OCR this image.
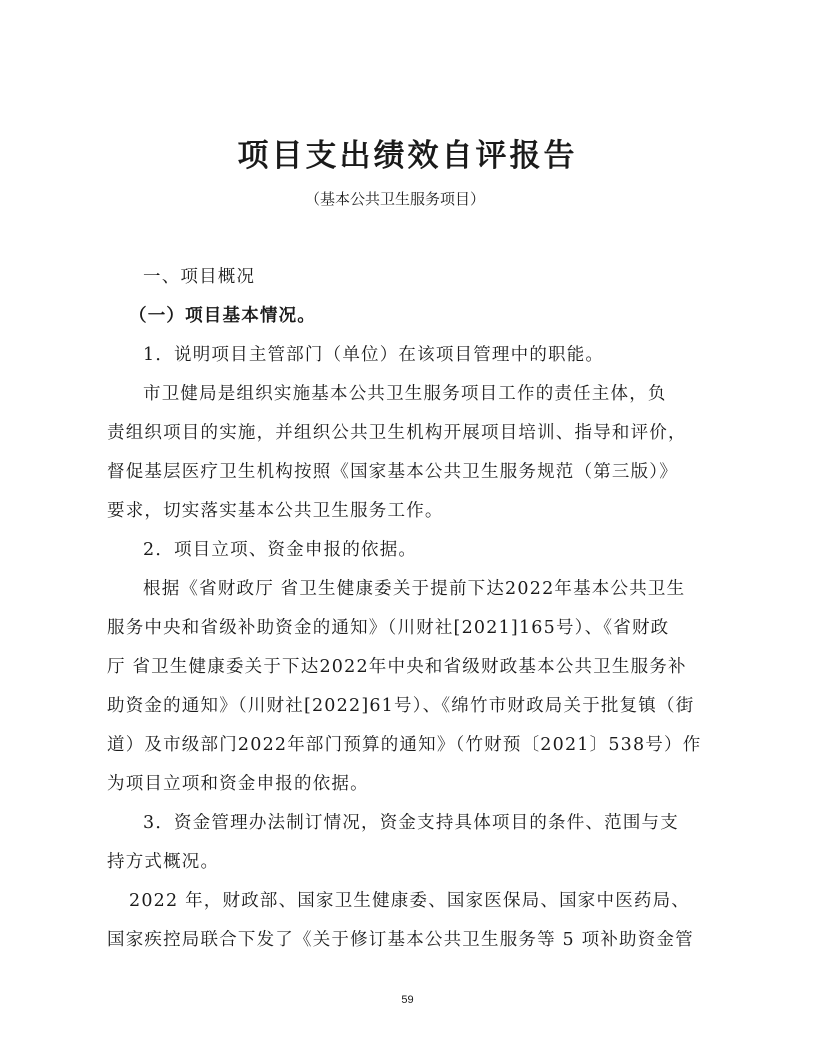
项目支出绩效自评报告
（基本公共卫生服务项目）
一、项目概况
（一）项目基本情况。
1．说明项目主管部门（单位）在该项目管理中的职能。
市卫健局是组织实施基本公共卫生服务项目工作的责任主体，负
责组织项目的实施，并组织公共卫生机构开展项目培训、指导和评价，
督促基层医疗卫生机构按照《国家基本公共卫生服务规范（第三版）》
要求，切实落实基本公共卫生服务工作。
2．项目立项、资金申报的依据。
根据《省财政厅 省卫生健康委关于提前下达2022年基本公共卫生
服务中央和省级补助资金的通知》（川财社[2021]165号）、《省财政
厅 省卫生健康委关于下达2022年中央和省级财政基本公共卫生服务补
助资金的通知》（川财社[2022]61号）、《绵竹市财政局关于批复镇（街
道）及市级部门2022年部门预算的通知》（竹财预〔2021〕538号）作
为项目立项和资金申报的依据。
3．资金管理办法制订情况，资金支持具体项目的条件、范围与支
持方式概况。
2022 年，财政部、国家卫生健康委、国家医保局、国家中医药局、
国家疾控局联合下发了《关于修订基本公共卫生服务等 5 项补助资金管
59
